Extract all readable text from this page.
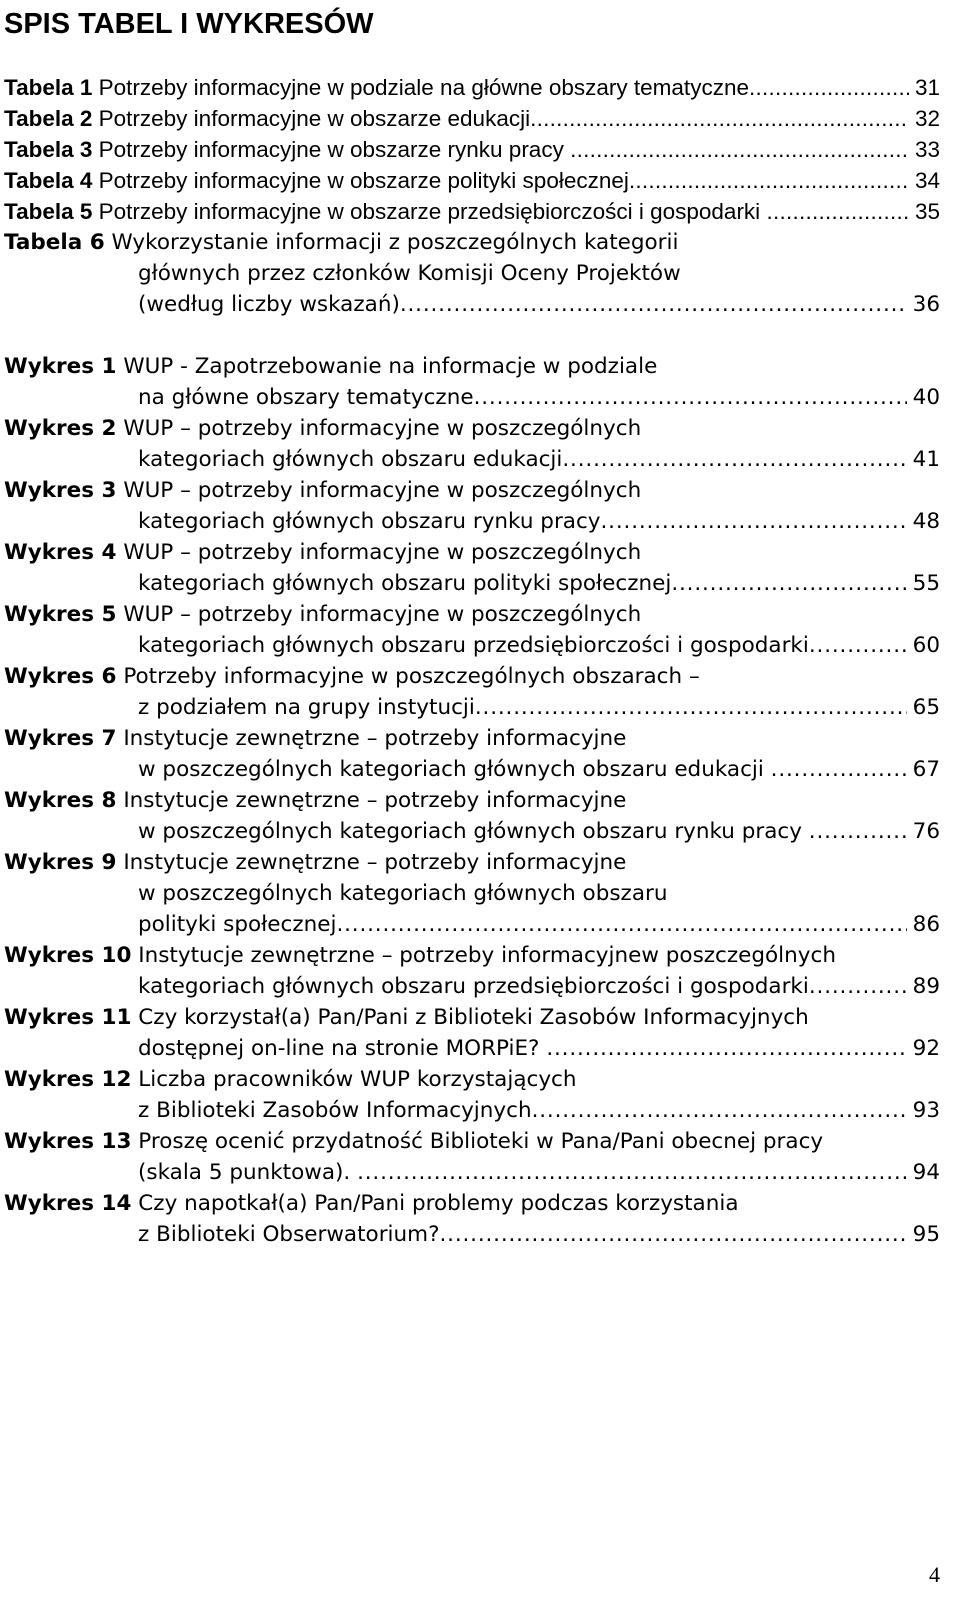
SPIS TABEL I WYKRESÓW
Tabela 1
Potrzeby informacyjne w podziale na główne obszary tematyczne . . .	31
Tabela 2
Potrzeby informacyjne w obszarze edukacji . . .	32
Tabela 3
Potrzeby informacyjne w obszarze rynku pracy . . .	33
Tabela 4
Potrzeby informacyjne w obszarze polityki społecznej . . .	34
Tabela 5
Potrzeby informacyjne w obszarze przedsiębiorczości i gospodarki . . .	35
Tabela 6
Wykorzystanie informacji z poszczególnych kategorii
głównych przez członków Komisji Oceny Projektów
(według liczby wskazań) . . .	36
Wykres 1
WUP - Zapotrzebowanie na informacje w podziale
na główne obszary tematyczne . . .	40
Wykres 2
WUP – potrzeby informacyjne w poszczególnych
kategoriach głównych obszaru edukacji . . .	41
Wykres 3
WUP – potrzeby informacyjne w poszczególnych
kategoriach głównych obszaru rynku pracy . . .	48
Wykres 4
WUP – potrzeby informacyjne w poszczególnych
kategoriach głównych obszaru polityki społecznej . . .	55
Wykres 5
WUP – potrzeby informacyjne w poszczególnych
kategoriach głównych obszaru przedsiębiorczości i gospodarki . . .	60
Wykres 6
Potrzeby informacyjne w poszczególnych obszarach –
z podziałem na grupy instytucji . . .	65
Wykres 7
Instytucje zewnętrzne – potrzeby informacyjne
w poszczególnych kategoriach głównych obszaru edukacji . . .	67
Wykres 8
Instytucje zewnętrzne – potrzeby informacyjne
w poszczególnych kategoriach głównych obszaru rynku pracy . . .	76
Wykres 9
Instytucje zewnętrzne – potrzeby informacyjne
w poszczególnych kategoriach głównych obszaru
polityki społecznej . . .	86
Wykres 10
Instytucje zewnętrzne – potrzeby informacyjnew poszczególnych
kategoriach głównych obszaru przedsiębiorczości i gospodarki . . .	89
Wykres 11
Czy korzystał(a) Pan/Pani z Biblioteki Zasobów Informacyjnych
dostępnej on-line na stronie MORPiE? . . .	92
Wykres 12
Liczba pracowników WUP korzystających
z Biblioteki Zasobów Informacyjnych . . .	93
Wykres 13
Proszę ocenić przydatność Biblioteki w Pana/Pani obecnej pracy
(skala 5 punktowa). . . .	94
Wykres 14
Czy napotkał(a) Pan/Pani problemy podczas korzystania
z Biblioteki Obserwatorium? . . .	95
4
